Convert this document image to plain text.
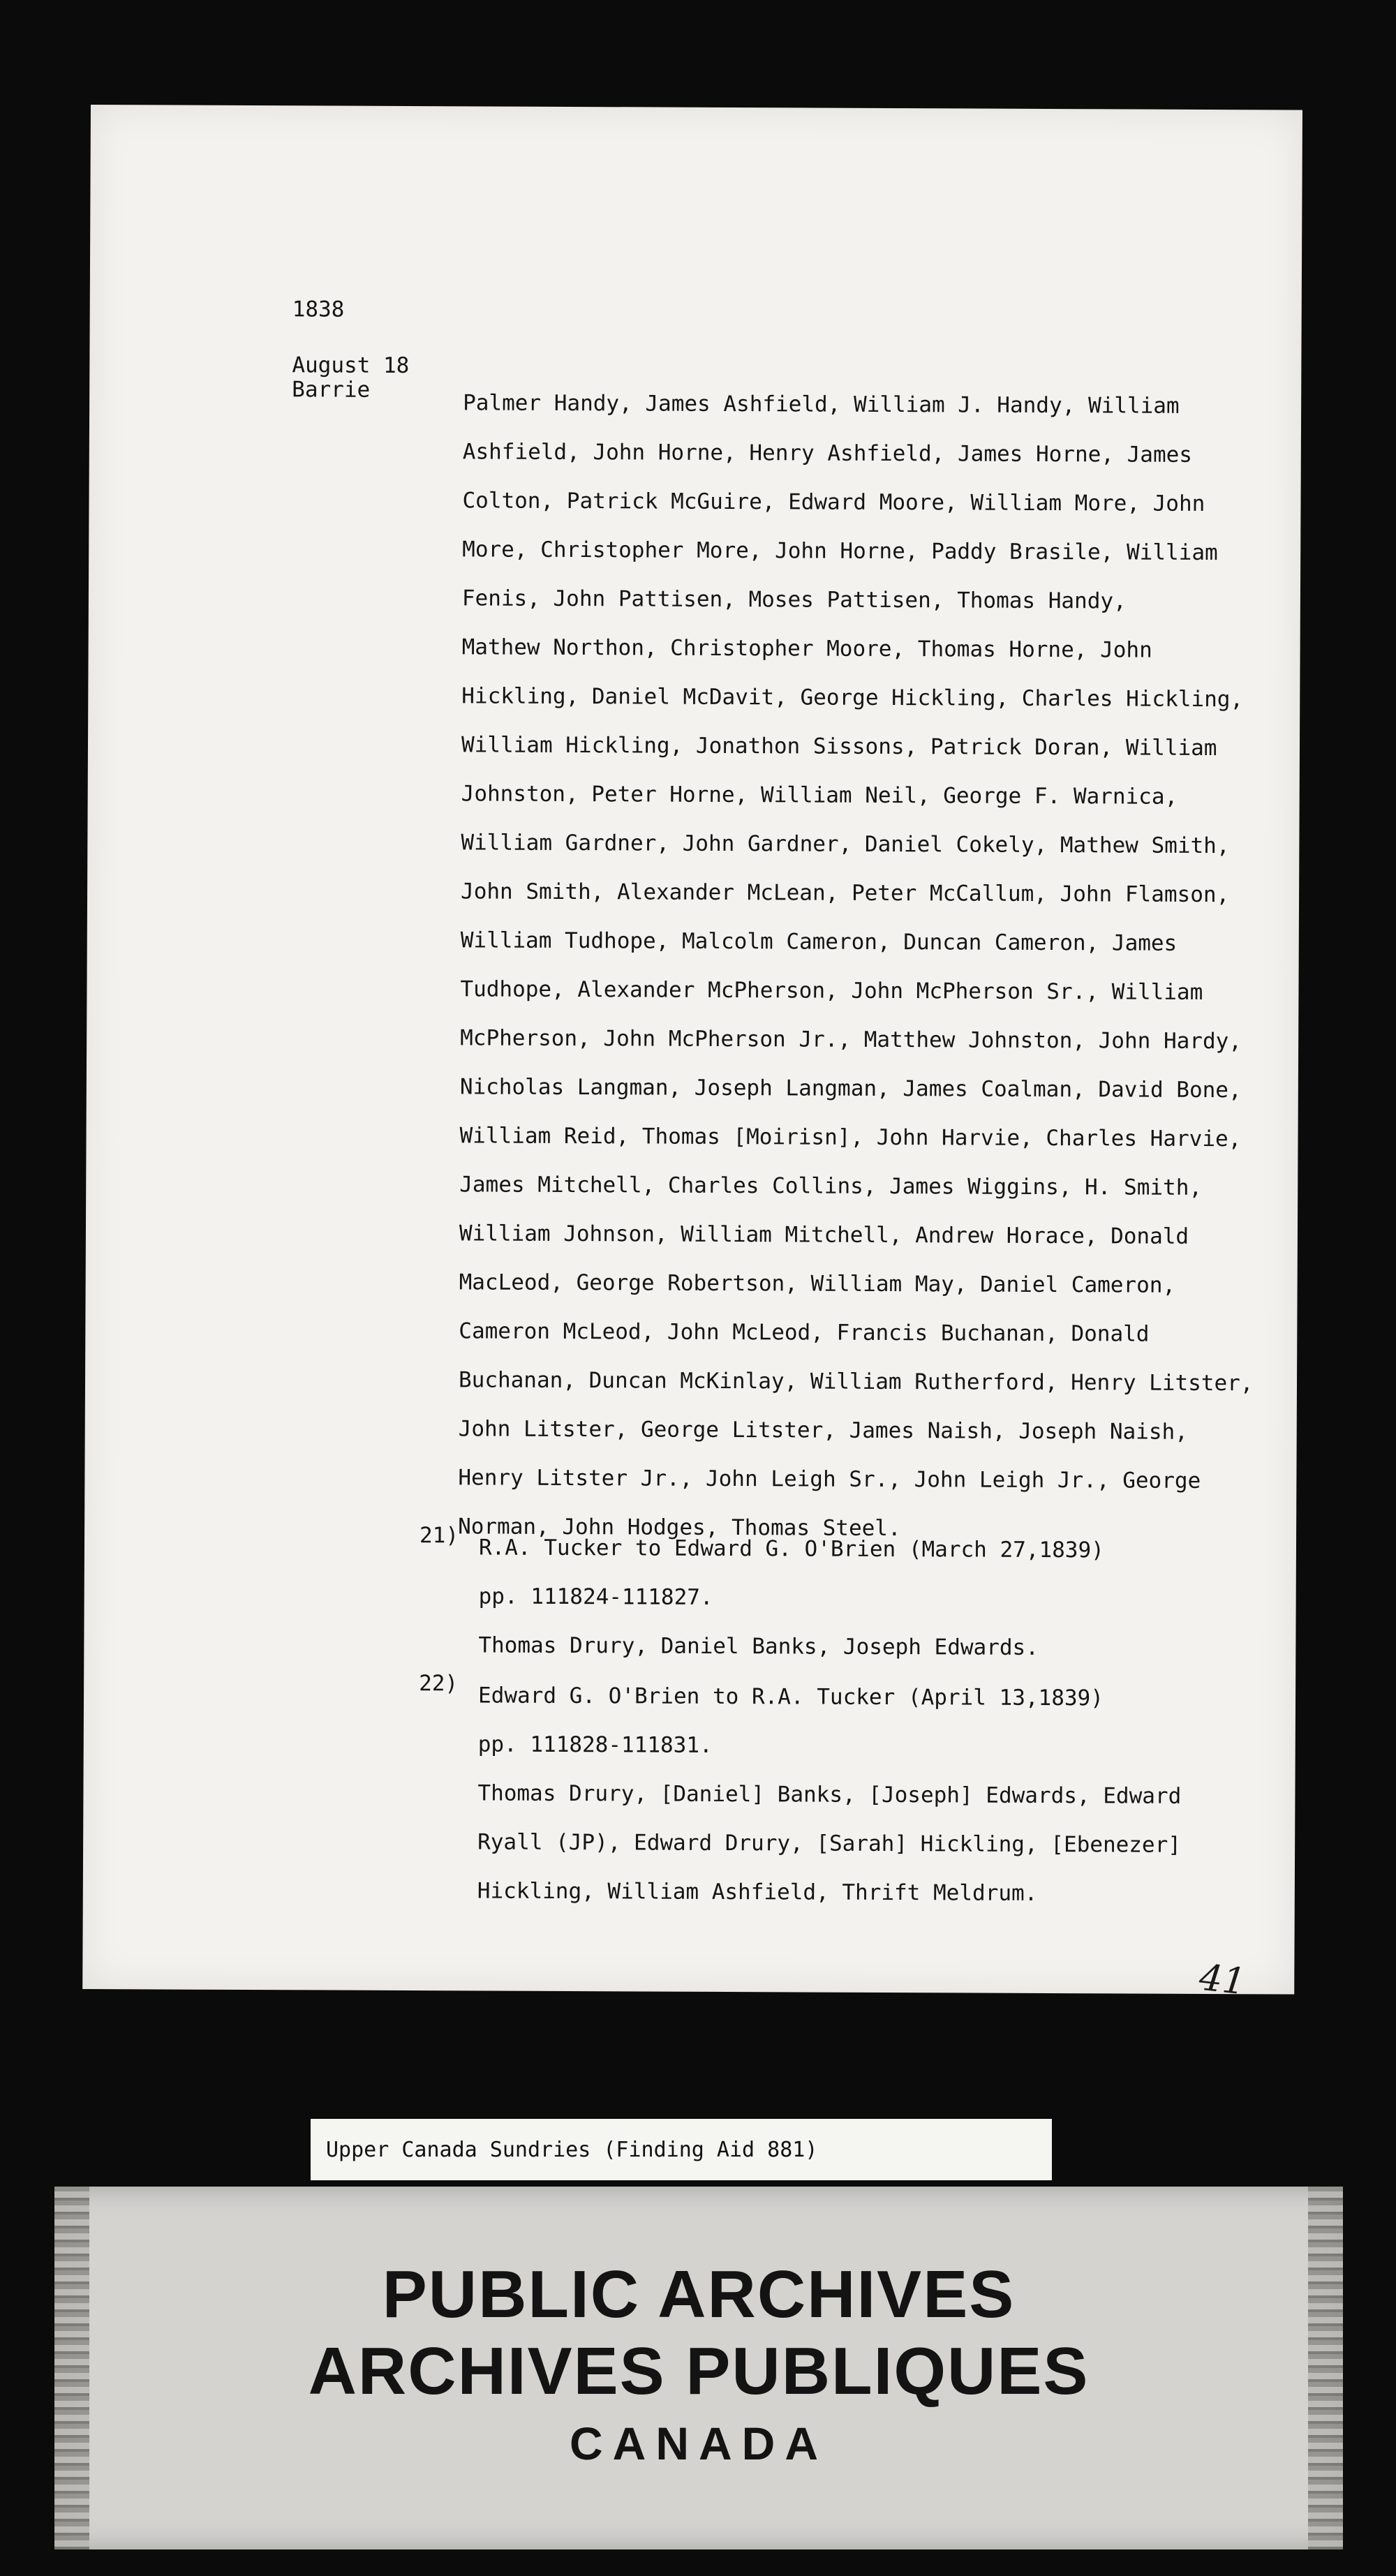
1838
August 18
Barrie
Palmer Handy, James Ashfield, William J. Handy, William
Ashfield, John Horne, Henry Ashfield, James Horne, James
Colton, Patrick McGuire, Edward Moore, William More, John
More, Christopher More, John Horne, Paddy Brasile, William
Fenis, John Pattisen, Moses Pattisen, Thomas Handy,
Mathew Northon, Christopher Moore, Thomas Horne, John
Hickling, Daniel McDavit, George Hickling, Charles Hickling,
William Hickling, Jonathon Sissons, Patrick Doran, William
Johnston, Peter Horne, William Neil, George F. Warnica,
William Gardner, John Gardner, Daniel Cokely, Mathew Smith,
John Smith, Alexander McLean, Peter McCallum, John Flamson,
William Tudhope, Malcolm Cameron, Duncan Cameron, James
Tudhope, Alexander McPherson, John McPherson Sr., William
McPherson, John McPherson Jr., Matthew Johnston, John Hardy,
Nicholas Langman, Joseph Langman, James Coalman, David Bone,
William Reid, Thomas [Moirisn], John Harvie, Charles Harvie,
James Mitchell, Charles Collins, James Wiggins, H. Smith,
William Johnson, William Mitchell, Andrew Horace, Donald
MacLeod, George Robertson, William May, Daniel Cameron,
Cameron McLeod, John McLeod, Francis Buchanan, Donald
Buchanan, Duncan McKinlay, William Rutherford, Henry Litster,
John Litster, George Litster, James Naish, Joseph Naish,
Henry Litster Jr., John Leigh Sr., John Leigh Jr., George
Norman, John Hodges, Thomas Steel.
21) R.A. Tucker to Edward G. O'Brien (March 27,1839)
pp. 111824-111827.
Thomas Drury, Daniel Banks, Joseph Edwards.
22) Edward G. O'Brien to R.A. Tucker (April 13,1839)
pp. 111828-111831.
Thomas Drury, [Daniel] Banks, [Joseph] Edwards, Edward
Ryall (JP), Edward Drury, [Sarah] Hickling, [Ebenezer]
Hickling, William Ashfield, Thrift Meldrum.
41
Upper Canada Sundries (Finding Aid 881)
PUBLIC ARCHIVES
ARCHIVES PUBLIQUES
CANADA
